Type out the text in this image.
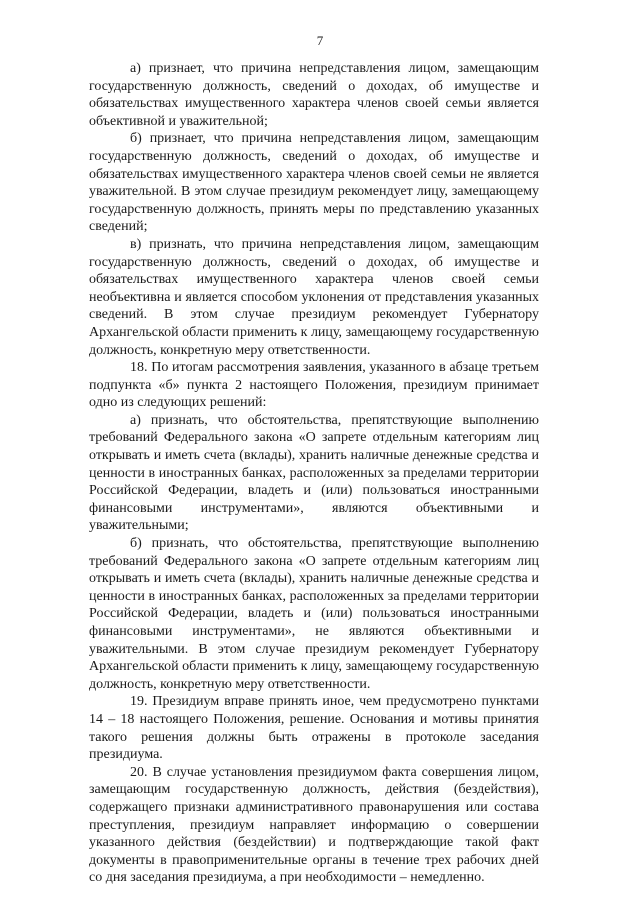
7

а) признает, что причина непредставления лицом, замещающим государственную должность, сведений о доходах, об имуществе и обязательствах имущественного характера членов своей семьи является объективной и уважительной;

б) признает, что причина непредставления лицом, замещающим государственную должность, сведений о доходах, об имуществе и обязательствах имущественного характера членов своей семьи не является уважительной. В этом случае президиум рекомендует лицу, замещающему государственную должность, принять меры по представлению указанных сведений;

в) признать, что причина непредставления лицом, замещающим государственную должность, сведений о доходах, об имуществе и обязательствах имущественного характера членов своей семьи необъективна и является способом уклонения от представления указанных сведений. В этом случае президиум рекомендует Губернатору Архангельской области применить к лицу, замещающему государственную должность, конкретную меру ответственности.

18. По итогам рассмотрения заявления, указанного в абзаце третьем подпункта «б» пункта 2 настоящего Положения, президиум принимает одно из следующих решений:

а) признать, что обстоятельства, препятствующие выполнению требований Федерального закона «О запрете отдельным категориям лиц открывать и иметь счета (вклады), хранить наличные денежные средства и ценности в иностранных банках, расположенных за пределами территории Российской Федерации, владеть и (или) пользоваться иностранными финансовыми инструментами», являются объективными и уважительными;

б) признать, что обстоятельства, препятствующие выполнению требований Федерального закона «О запрете отдельным категориям лиц открывать и иметь счета (вклады), хранить наличные денежные средства и ценности в иностранных банках, расположенных за пределами территории Российской Федерации, владеть и (или) пользоваться иностранными финансовыми инструментами», не являются объективными и уважительными. В этом случае президиум рекомендует Губернатору Архангельской области применить к лицу, замещающему государственную должность, конкретную меру ответственности.

19. Президиум вправе принять иное, чем предусмотрено пунктами 14 – 18 настоящего Положения, решение. Основания и мотивы принятия такого решения должны быть отражены в протоколе заседания президиума.

20. В случае установления президиумом факта совершения лицом, замещающим государственную должность, действия (бездействия), содержащего признаки административного правонарушения или состава преступления, президиум направляет информацию о совершении указанного действия (бездействии) и подтверждающие такой факт документы в правоприменительные органы в течение трех рабочих дней со дня заседания президиума, а при необходимости – немедленно.
